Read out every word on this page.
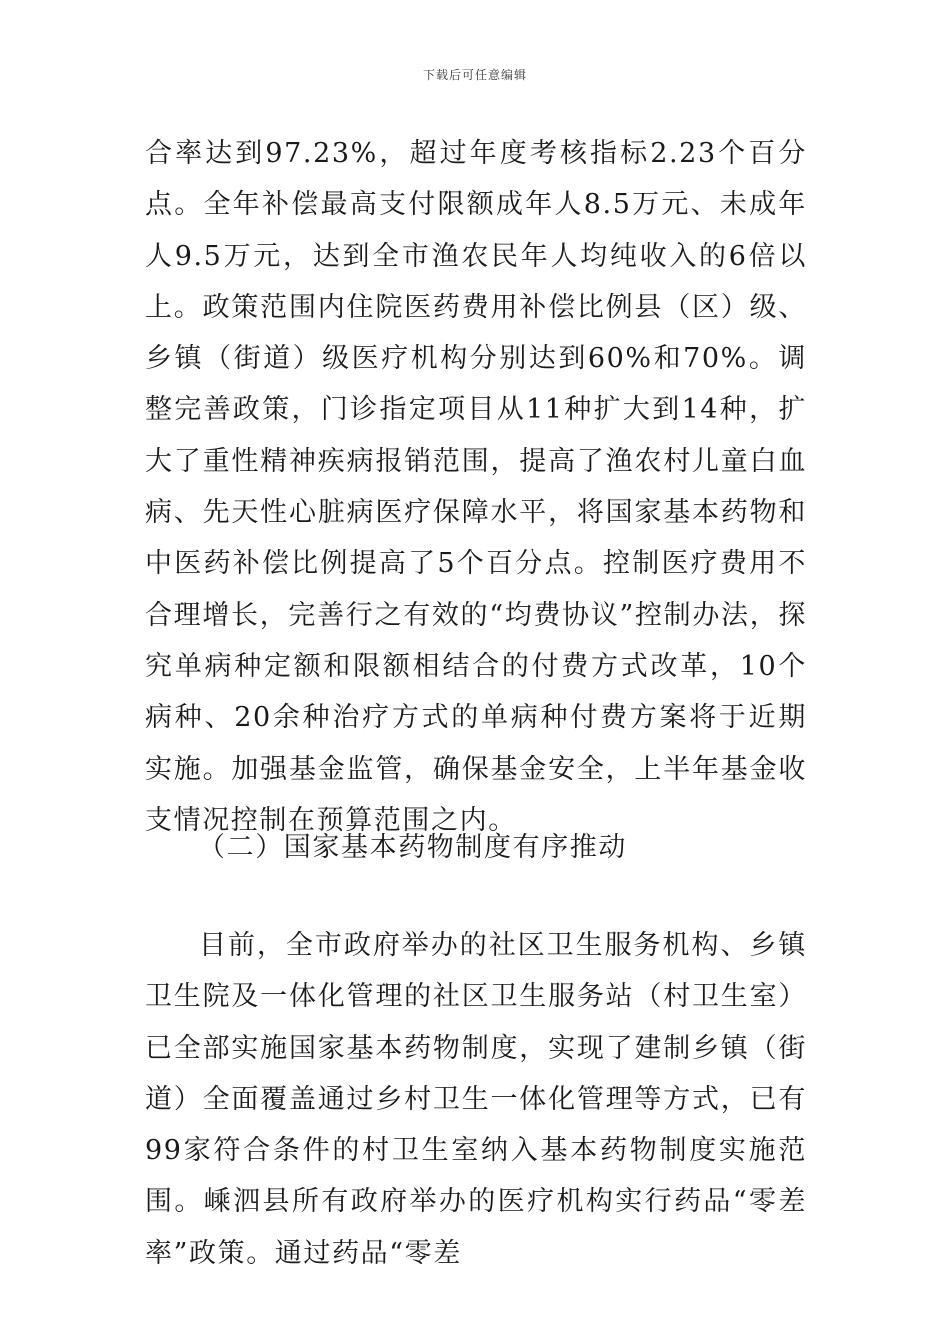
下载后可任意编辑

合率达到97.23%，超过年度考核指标2.23个百分点。全年补偿最高支付限额成年人8.5万元、未成年人9.5万元，达到全市渔农民年人均纯收入的6倍以上。政策范围内住院医药费用补偿比例县（区）级、乡镇（街道）级医疗机构分别达到60%和70%。调整完善政策，门诊指定项目从11种扩大到14种，扩大了重性精神疾病报销范围，提高了渔农村儿童白血病、先天性心脏病医疗保障水平，将国家基本药物和中医药补偿比例提高了5个百分点。控制医疗费用不合理增长，完善行之有效的“均费协议”控制办法，探究单病种定额和限额相结合的付费方式改革，10个病种、20余种治疗方式的单病种付费方案将于近期实施。加强基金监管，确保基金安全，上半年基金收支情况控制在预算范围之内。

（二）国家基本药物制度有序推动

目前，全市政府举办的社区卫生服务机构、乡镇卫生院及一体化管理的社区卫生服务站（村卫生室）已全部实施国家基本药物制度，实现了建制乡镇（街道）全面覆盖通过乡村卫生一体化管理等方式，已有99家符合条件的村卫生室纳入基本药物制度实施范围。嵊泗县所有政府举办的医疗机构实行药品“零差率”政策。通过药品“零差
